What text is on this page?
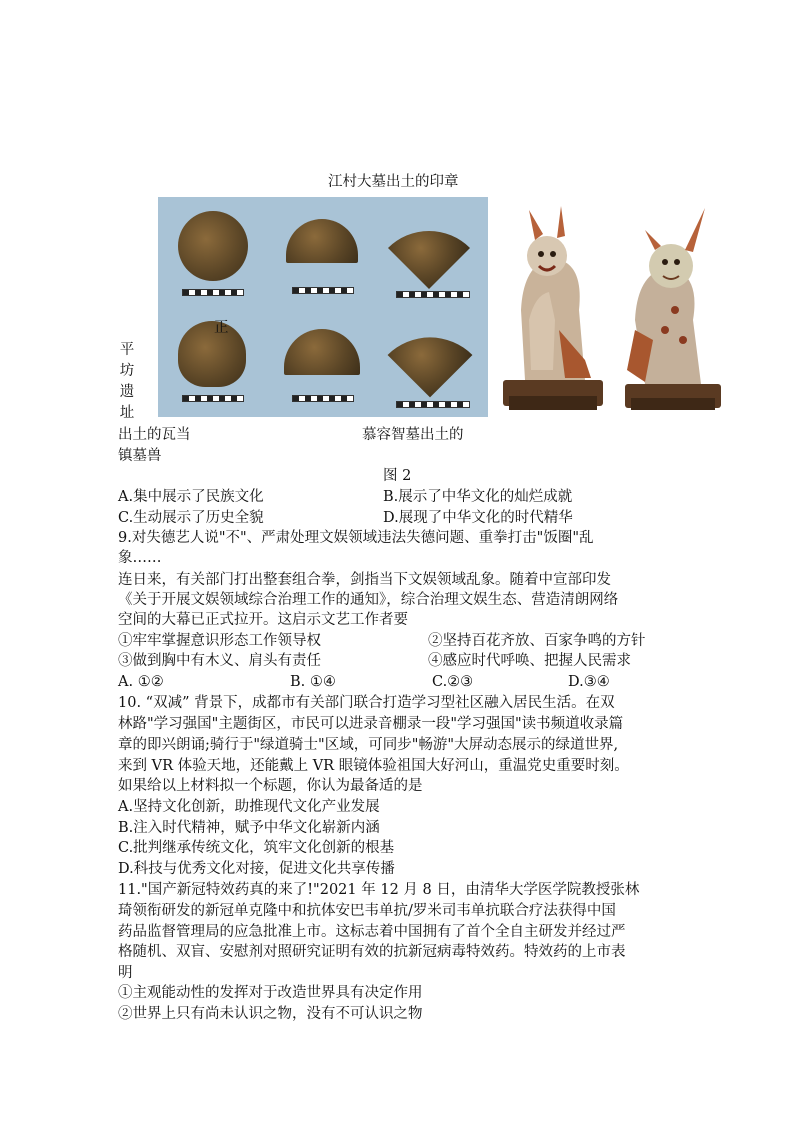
江村大墓出土的印章
正
平
坊
遗
址
出土的瓦当	慕容智墓出土的
镇墓兽
图 2
A.集中展示了民族文化	B.展示了中华文化的灿烂成就
C.生动展示了历史全貌	D.展现了中华文化的时代精华
9.对失德艺人说"不"、严肃处理文娱领域违法失德问题、重拳打击"饭圈"乱
象……
连日来，有关部门打出整套组合拳，剑指当下文娱领域乱象。随着中宣部印发
《关于开展文娱领域综合治理工作的通知》，综合治理文娱生态、营造清朗网络
空间的大幕已正式拉开。这启示文艺工作者要
①牢牢掌握意识形态工作领导权	②坚持百花齐放、百家争鸣的方针
③做到胸中有木义、肩头有责任	④感应时代呼唤、把握人民需求
A. ①②	B. ①④	C.②③	D.③④
10. “双减” 背景下，成都市有关部门联合打造学习型社区融入居民生活。在双
林路"学习强国"主题街区，市民可以进录音棚录一段"学习强国"读书频道收录篇
章的即兴朗诵;骑行于"绿道骑士"区域，可同步"畅游"大屏动态展示的绿道世界,
来到 VR 体验天地，还能戴上 VR 眼镜体验祖国大好河山，重温党史重要时刻。
如果给以上材料拟一个标题，你认为最备适的是
A.坚持文化创新，助推现代文化产业发展
B.注入时代精神，赋予中华文化崭新内涵
C.批判继承传统文化，筑牢文化创新的根基
D.科技与优秀文化对接，促进文化共享传播
11."国产新冠特效药真的来了!"2021 年 12 月 8 日，由清华大学医学院教授张林
琦领衔研发的新冠单克隆中和抗体安巴韦单抗/罗米司韦单抗联合疗法获得中国
药品监督管理局的应急批准上市。这标志着中国拥有了首个全自主研发并经过严
格随机、双盲、安慰剂对照研究证明有效的抗新冠病毒特效药。特效药的上市表
明
①主观能动性的发挥对于改造世界具有决定作用
②世界上只有尚未认识之物，没有不可认识之物
